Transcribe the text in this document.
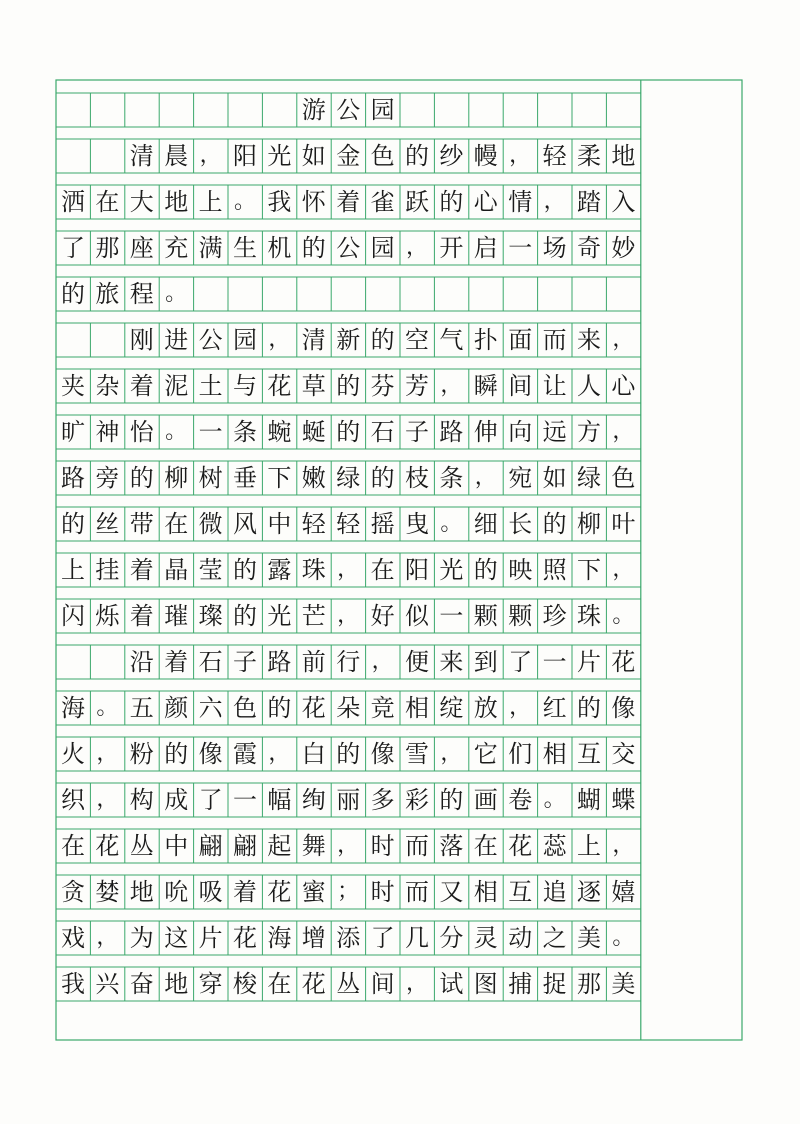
游 公 园
清 晨 ， 阳 光 如 金 色 的 纱 幔 ， 轻 柔 地
洒 在 大 地 上 。 我 怀 着 雀 跃 的 心 情 ， 踏 入
了 那 座 充 满 生 机 的 公 园 ， 开 启 一 场 奇 妙
的 旅 程 。
刚 进 公 园 ， 清 新 的 空 气 扑 面 而 来 ，
夹 杂 着 泥 土 与 花 草 的 芬 芳 ， 瞬 间 让 人 心
旷 神 怡 。 一 条 蜿 蜒 的 石 子 路 伸 向 远 方 ，
路 旁 的 柳 树 垂 下 嫩 绿 的 枝 条 ， 宛 如 绿 色
的 丝 带 在 微 风 中 轻 轻 摇 曳 。 细 长 的 柳 叶
上 挂 着 晶 莹 的 露 珠 ， 在 阳 光 的 映 照 下 ，
闪 烁 着 璀 璨 的 光 芒 ， 好 似 一 颗 颗 珍 珠 。
沿 着 石 子 路 前 行 ， 便 来 到 了 一 片 花
海 。 五 颜 六 色 的 花 朵 竞 相 绽 放 ， 红 的 像
火 ， 粉 的 像 霞 ， 白 的 像 雪 ， 它 们 相 互 交
织 ， 构 成 了 一 幅 绚 丽 多 彩 的 画 卷 。 蝴 蝶
在 花 丛 中 翩 翩 起 舞 ， 时 而 落 在 花 蕊 上 ，
贪 婪 地 吮 吸 着 花 蜜 ； 时 而 又 相 互 追 逐 嬉
戏 ， 为 这 片 花 海 增 添 了 几 分 灵 动 之 美 。
我 兴 奋 地 穿 梭 在 花 丛 间 ， 试 图 捕 捉 那 美
